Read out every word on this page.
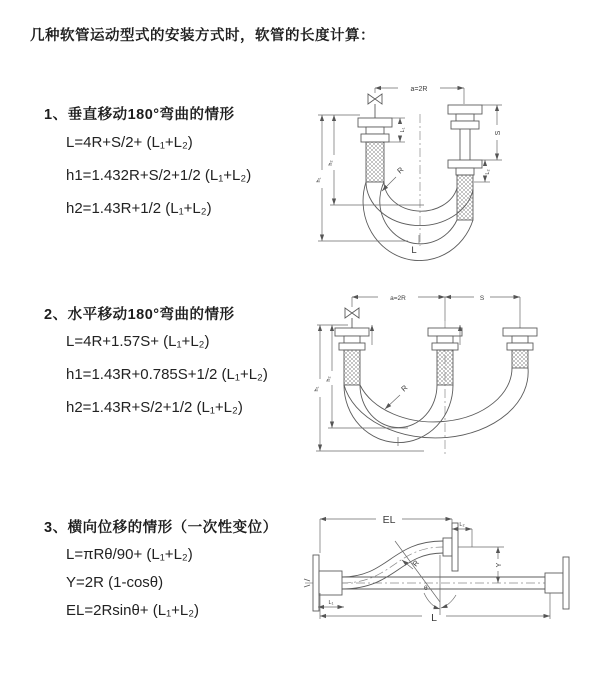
几种软管运动型式的安装方式时，软管的长度计算：
1、垂直移动180°弯曲的情形
L=4R+S/2+ (L₁+L₂)
h1=1.432R+S/2+1/2 (L₁+L₂)
h2=1.43R+1/2 (L₁+L₂)
a=2R
L₁
S
L₂
R
h₁
h₂
L
2、水平移动180°弯曲的情形
L=4R+1.57S+ (L₁+L₂)
h1=1.43R+0.785S+1/2 (L₁+L₂)
h2=1.43R+S/2+1/2 (L₁+L₂)
a=2R	S
R
h₁
h₂
3、横向位移的情形（一次性变位）
L=πRθ/90+ (L₁+L₂)
Y=2R (1-cosθ)
EL=2Rsinθ+ (L₁+L₂)
θ
R
EL	L₂
Y
L₁
L
